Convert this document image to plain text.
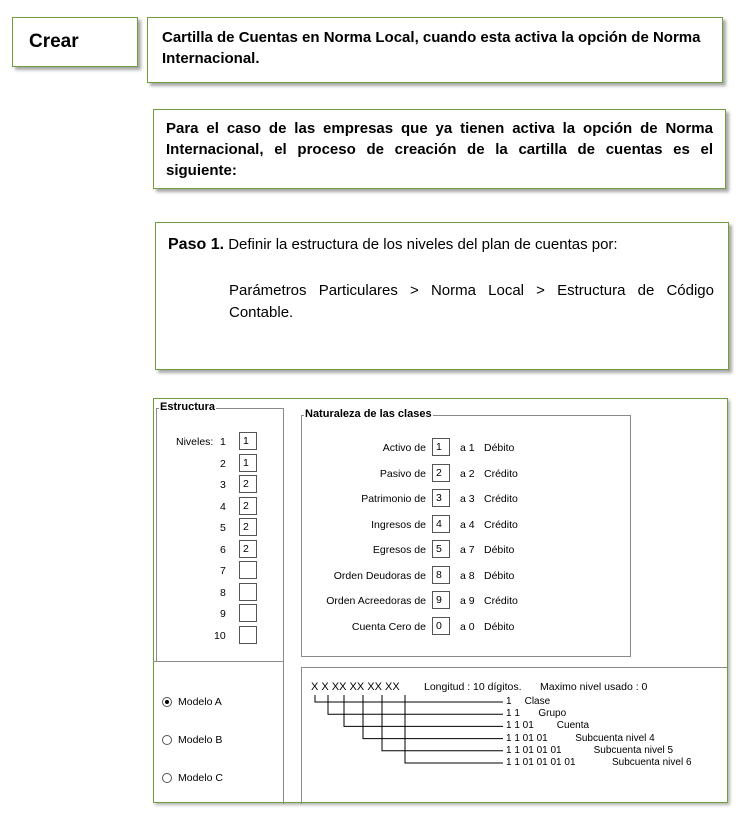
Crear	Cartilla de Cuentas en Norma Local, cuando esta activa la opción de Norma Internacional.
Para el caso de las empresas que ya tienen activa la opción de Norma Internacional, el proceso de creación de la cartilla de cuentas es el siguiente:
Paso 1. Definir la estructura de los niveles del plan de cuentas por:
Parámetros Particulares > Norma Local > Estructura de Código Contable.
Estructura
Niveles:
Naturaleza de las clases
X X XX XX XX XX Longitud : 10 dígitos. Maximo nivel usado : 0
1	1
2	1
3	2
4	2
5	2
6	2
7
8
9
10
Activo de 1	a 1 Débito
Pasivo de 2	a 2 Crédito
Patrimonio de 3	a 3 Crédito
Ingresos de 4	a 4 Crédito
Egresos de 5	a 7 Débito
Orden Deudoras de 8	a 8 Débito
Orden Acreedoras de 9	a 9 Crédito
Cuenta Cero de 0	a 0 Débito
Modelo A
Modelo B
Modelo C
1 Clase
1 1 Grupo
1 1 01 Cuenta
1 1 01 01	Subcuenta nivel 4
1 1 01 01 01	Subcuenta nivel 5
1 1 01 01 01 01	Subcuenta nivel 6
